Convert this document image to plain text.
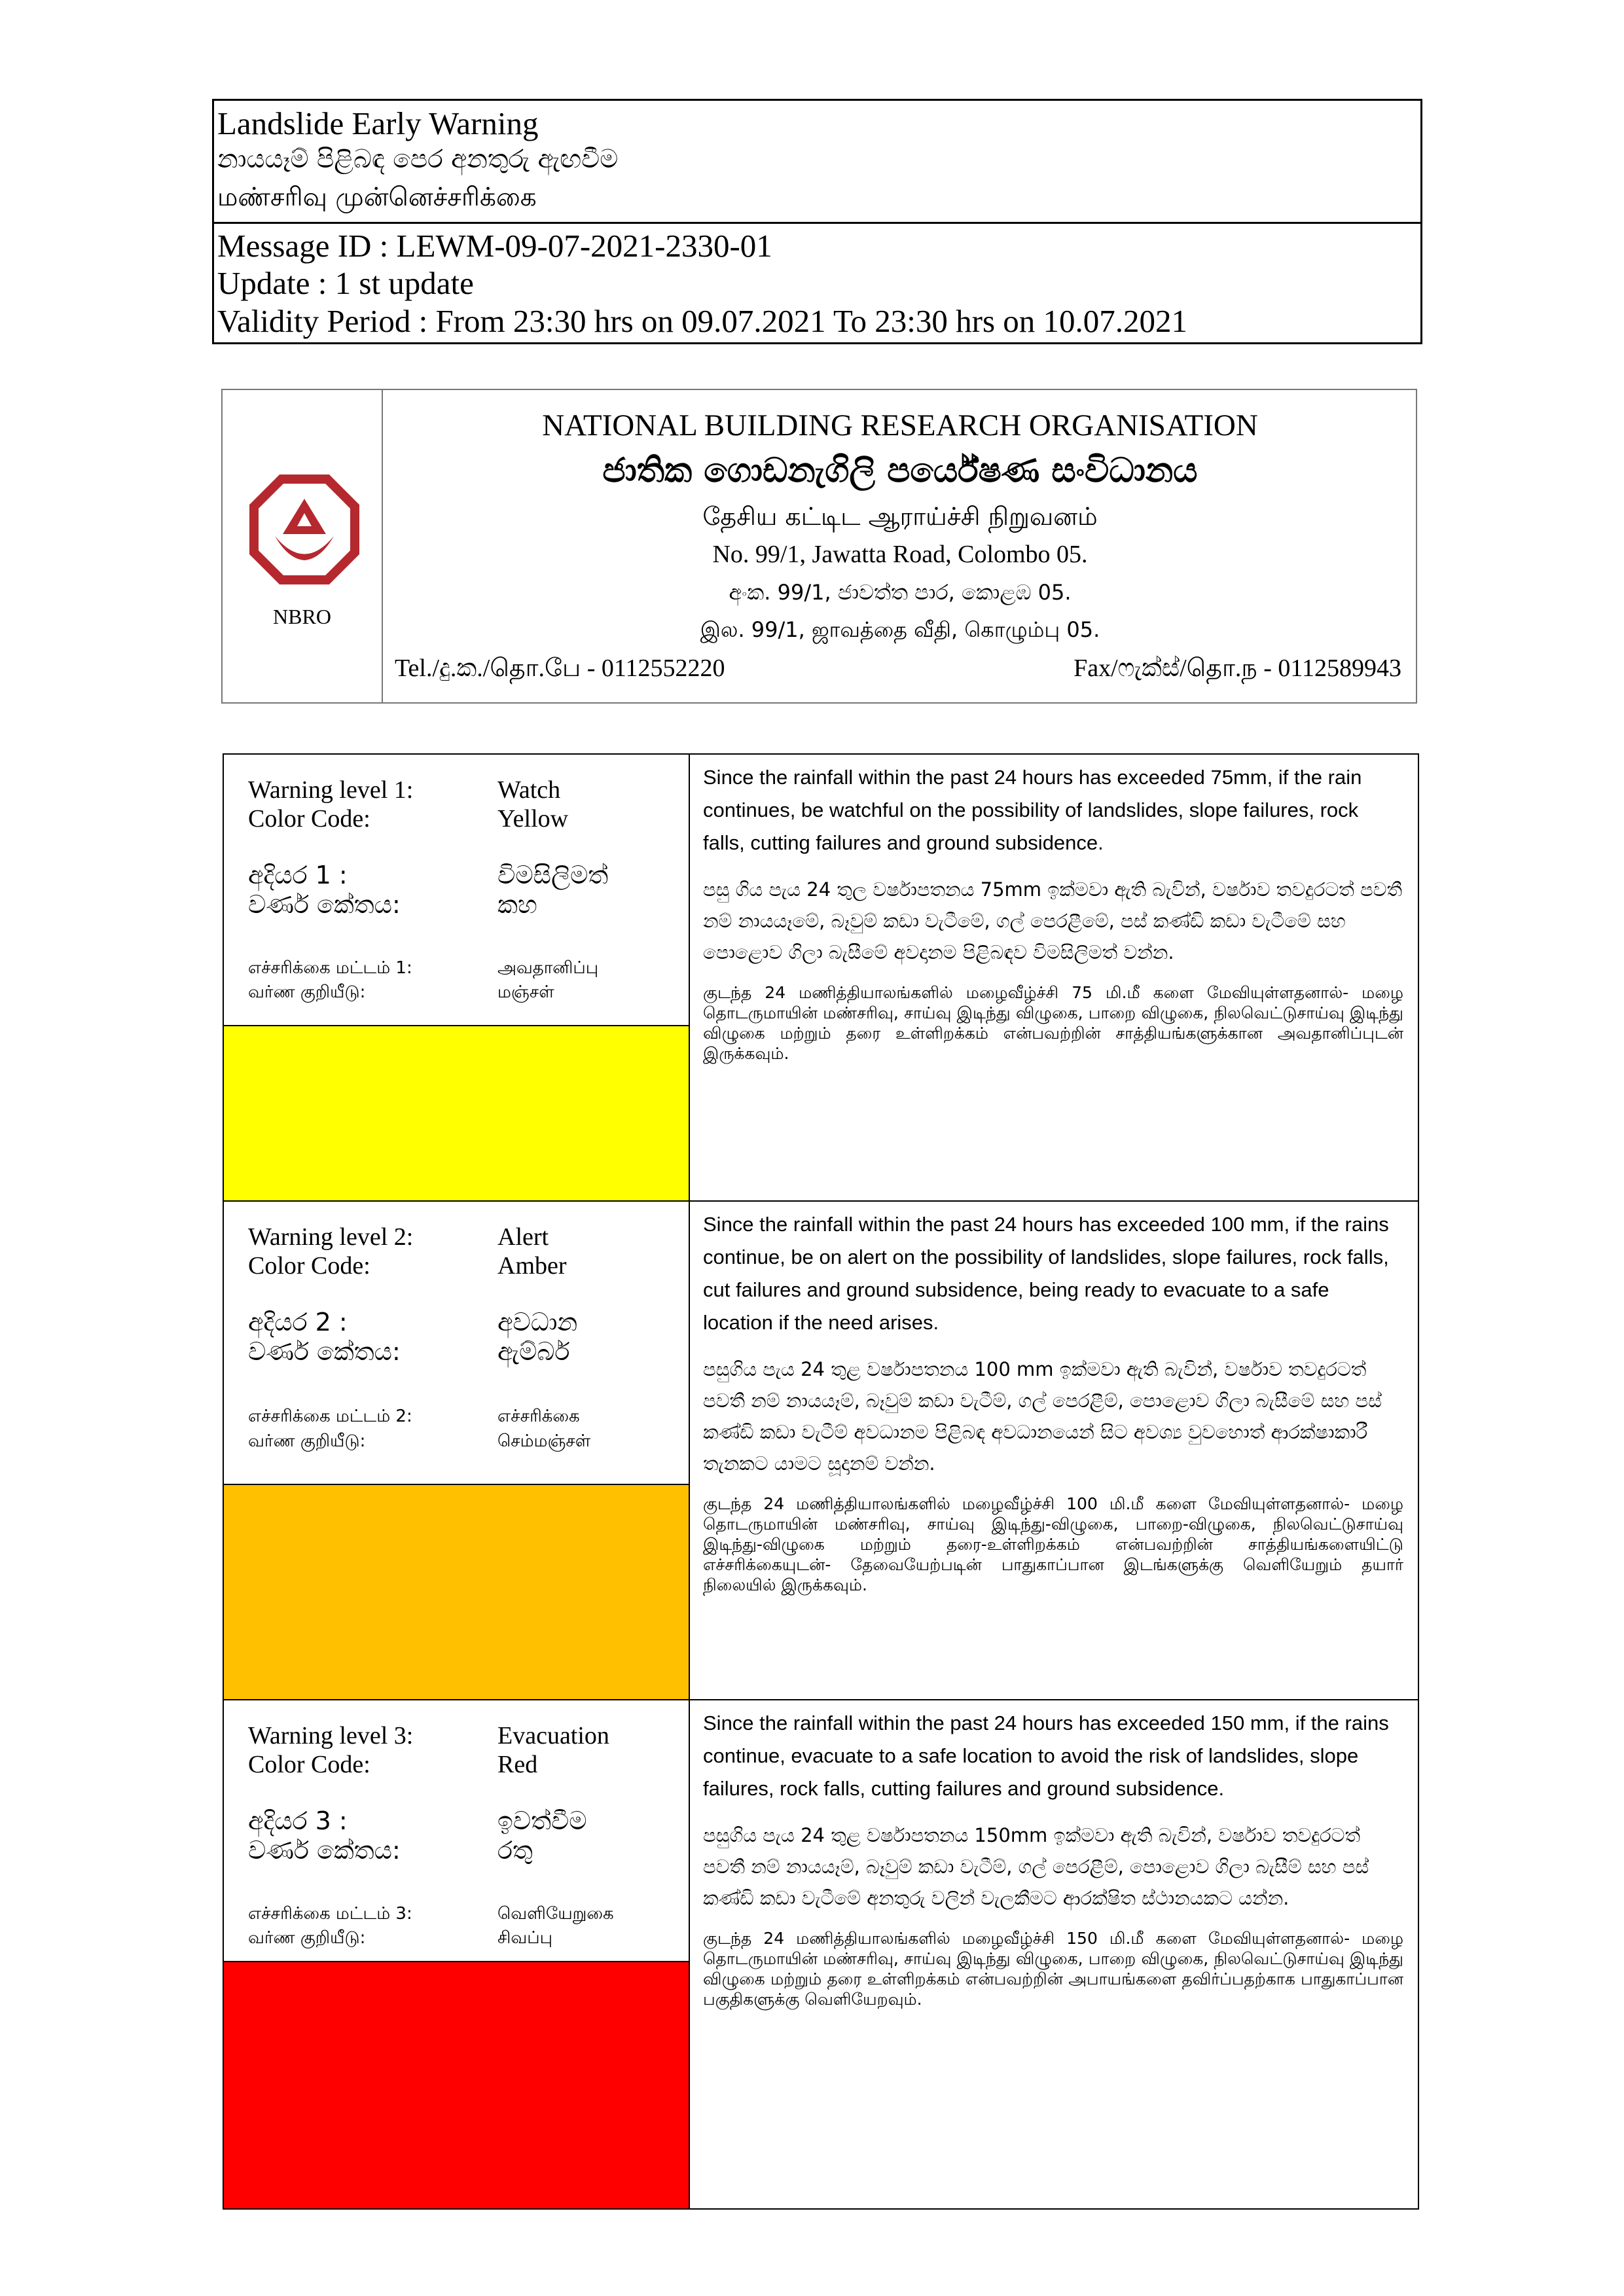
Landslide Early Warning
නායයෑම් පිළිබඳ පෙර අනතුරු ඇඟවීම
மண்சரிவு முன்னெச்சரிக்கை
Message ID : LEWM-09-07-2021-2330-01
Update : 1 st update
Validity Period : From 23:30 hrs on 09.07.2021 To 23:30 hrs on 10.07.2021
NBRO
NATIONAL BUILDING RESEARCH ORGANISATION
ජාතික ගොඩනැගිලි පර්යේෂණ සංවිධානය
தேசிய கட்டிட ஆராய்ச்சி நிறுவனம்
No. 99/1, Jawatta Road, Colombo 05.
අංක. 99/1, ජාවත්ත පාර, කොළඹ 05.
இல. 99/1, ஜாவத்தை வீதி, கொழும்பு 05.
Tel./දු.ක./தொ.பே - 0112552220	Fax/ෆැක්ස්/தொ.ந - 0112589943
Warning level 1:	Watch
Color Code:	Yellow
අදියර 1 :	විමසිලිමත්
වර්ණ කේතය:	කහ
எச்சரிக்கை மட்டம் 1:	அவதானிப்பு
வர்ண குறியீடு:	மஞ்சள்

Since the rainfall within the past 24 hours has exceeded 75mm, if the rain continues, be watchful on the possibility of landslides, slope failures, rock falls, cutting failures and ground subsidence.

පසු ගිය පැය 24 තුල වර්ෂාපතනය 75mm ඉක්මවා ඇති බැවින්, වර්ෂාව තවදුරටත් පවතී නම් නායයෑමේ, බෑවුම් කඩා වැටීමේ, ගල් පෙරළීමේ, පස් කණ්ඩි කඩා වැටීමේ සහ පොළොව ගිලා බැසීමේ අවදානම පිළිබඳව විමසිලිමත් වන්න.

குடந்த 24 மணித்தியாலங்களில் மழைவீழ்ச்சி 75 மி.மீ களை மேவியுள்ளதனால்- மழை தொடருமாயின் மண்சரிவு, சாய்வு இடிந்து விழுகை, பாறை விழுகை, நிலவெட்டுசாய்வு இடிந்து விழுகை மற்றும் தரை உள்ளிறக்கம் என்பவற்றின் சாத்தியங்களுக்கான அவதானிப்புடன் இருக்கவும்.

Warning level 2:	Alert
Color Code:	Amber
අදියර 2 :	අවධාන
වර්ණ කේතය:	ඇම්බර්
எச்சரிக்கை மட்டம் 2:	எச்சரிக்கை
வர்ண குறியீடு:	செம்மஞ்சள்

Since the rainfall within the past 24 hours has exceeded 100 mm, if the rains continue, be on alert on the possibility of landslides, slope failures, rock falls, cut failures and ground subsidence, being ready to evacuate to a safe location if the need arises.

පසුගිය පැය 24 තුළ වර්ෂාපතනය 100 mm ඉක්මවා ඇති බැවින්, වර්ෂාව තවදුරටත් පවතී නම් නායයෑම්, බෑවුම් කඩා වැටීම්, ගල් පෙරළීම්, පොළොව ගිලා බැසීමේ සහ පස් කණ්ඩි කඩා වැටීම් අවධානම පිළිබඳ අවධානයෙන් සිට අවශ්‍ය වුවහොත් ආරක්ෂාකාරී තැනකට යාමට සූදානම් වන්න.

குடந்த 24 மணித்தியாலங்களில் மழைவீழ்ச்சி 100 மி.மீ களை மேவியுள்ளதனால்- மழை தொடருமாயின் மண்சரிவு, சாய்வு இடிந்து-விழுகை, பாறை-விழுகை, நிலவெட்டுசாய்வு இடிந்து-விழுகை மற்றும் தரை-உள்ளிறக்கம் என்பவற்றின் சாத்தியங்களையிட்டு எச்சரிக்கையுடன்- தேவையேற்படின் பாதுகாப்பான இடங்களுக்கு வெளியேறும் தயார் நிலையில் இருக்கவும்.

Warning level 3:	Evacuation
Color Code:	Red
අදියර 3 :	ඉවත්වීම
වර්ණ කේතය:	රතු
எச்சரிக்கை மட்டம் 3:	வெளியேறுகை
வர்ண குறியீடு:	சிவப்பு

Since the rainfall within the past 24 hours has exceeded 150 mm, if the rains continue, evacuate to a safe location to avoid the risk of landslides, slope failures, rock falls, cutting failures and ground subsidence.

පසුගිය පැය 24 තුළ වර්ෂාපතනය 150mm ඉක්මවා ඇති බැවින්, වර්ෂාව තවදුරටත් පවතී නම් නායයෑම්, බෑවුම් කඩා වැටීම්, ගල් පෙරළීම්, පොළොව ගිලා බැසීම් සහ පස් කණ්ඩි කඩා වැටීමේ අනතුරු වලින් වැලකීමට ආරක්ෂිත ස්ථානයකට යන්න.

குடந்த 24 மணித்தியாலங்களில் மழைவீழ்ச்சி 150 மி.மீ களை மேவியுள்ளதனால்- மழை தொடருமாயின் மண்சரிவு, சாய்வு இடிந்து விழுகை, பாறை விழுகை, நிலவெட்டுசாய்வு இடிந்து விழுகை மற்றும் தரை உள்ளிறக்கம் என்பவற்றின் அபாயங்களை தவிர்ப்பதற்காக பாதுகாப்பான பகுதிகளுக்கு வெளியேறவும்.
